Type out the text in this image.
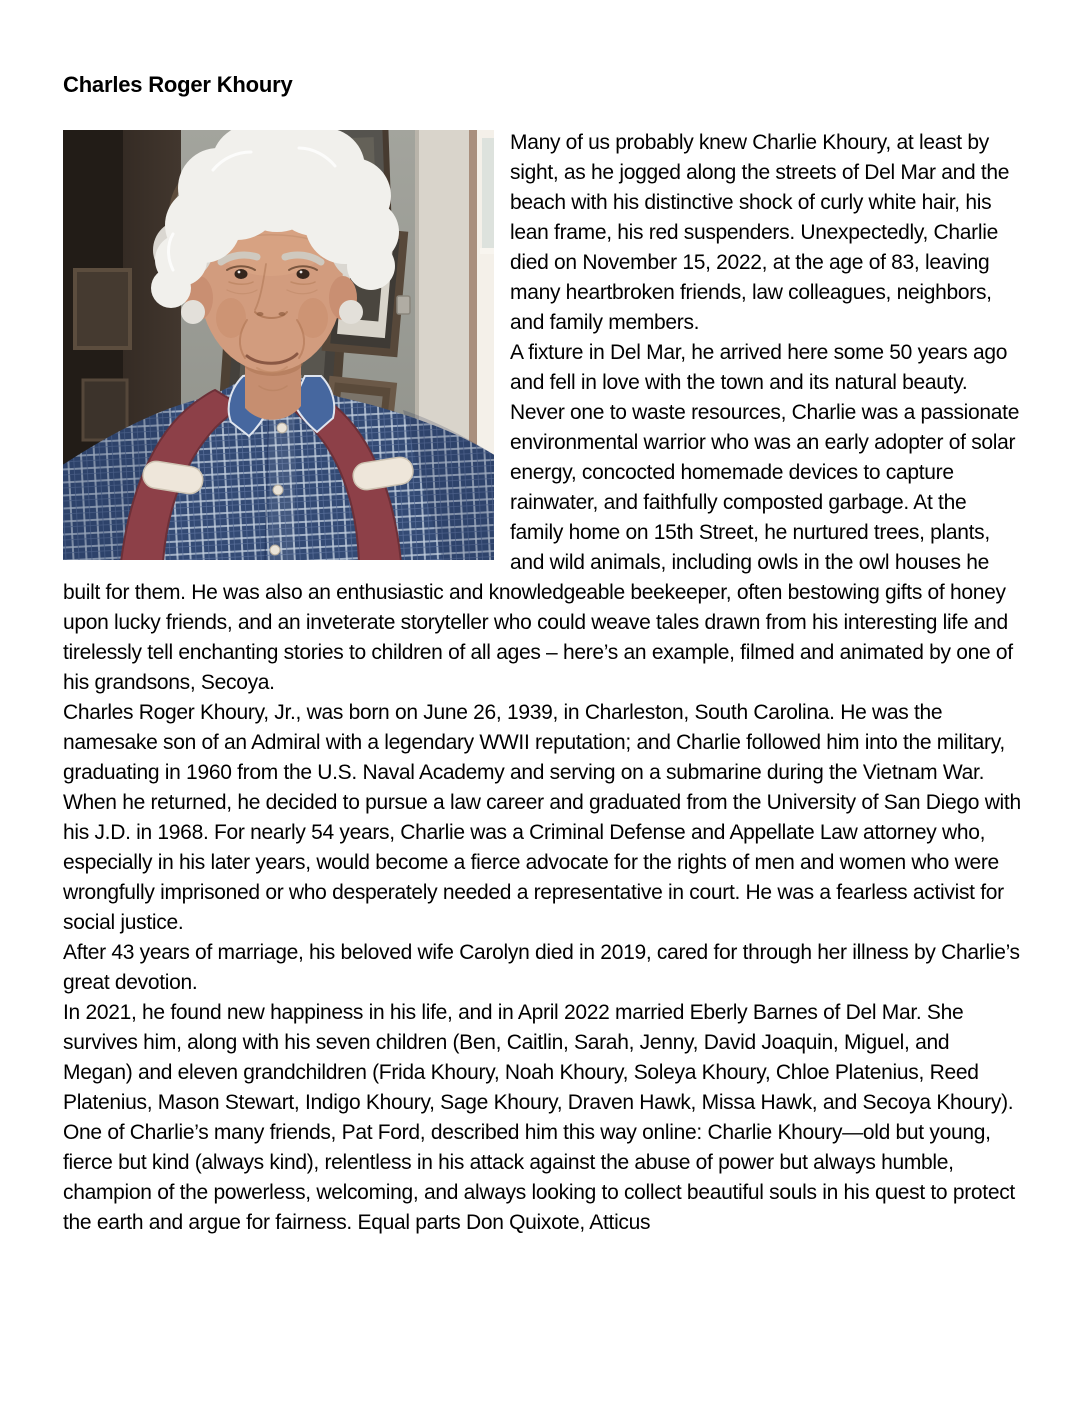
Charles Roger Khoury

Many of us probably knew Charlie Khoury, at least by sight, as he jogged along the streets of Del Mar and the beach with his distinctive shock of curly white hair, his lean frame, his red suspenders. Unexpectedly, Charlie died on November 15, 2022, at the age of 83, leaving many heartbroken friends, law colleagues, neighbors, and family members.

A fixture in Del Mar, he arrived here some 50 years ago and fell in love with the town and its natural beauty. Never one to waste resources, Charlie was a passionate environmental warrior who was an early adopter of solar energy, concocted homemade devices to capture rainwater, and faithfully composted garbage. At the family home on 15th Street, he nurtured trees, plants, and wild animals, including owls in the owl houses he built for them. He was also an enthusiastic and knowledgeable beekeeper, often bestowing gifts of honey upon lucky friends, and an inveterate storyteller who could weave tales drawn from his interesting life and tirelessly tell enchanting stories to children of all ages – here’s an example, filmed and animated by one of his grandsons, Secoya.

Charles Roger Khoury, Jr., was born on June 26, 1939, in Charleston, South Carolina. He was the namesake son of an Admiral with a legendary WWII reputation; and Charlie followed him into the military, graduating in 1960 from the U.S. Naval Academy and serving on a submarine during the Vietnam War.

When he returned, he decided to pursue a law career and graduated from the University of San Diego with his J.D. in 1968. For nearly 54 years, Charlie was a Criminal Defense and Appellate Law attorney who, especially in his later years, would become a fierce advocate for the rights of men and women who were wrongfully imprisoned or who desperately needed a representative in court. He was a fearless activist for social justice.

After 43 years of marriage, his beloved wife Carolyn died in 2019, cared for through her illness by Charlie’s great devotion.

In 2021, he found new happiness in his life, and in April 2022 married Eberly Barnes of Del Mar. She survives him, along with his seven children (Ben, Caitlin, Sarah, Jenny, David Joaquin, Miguel, and Megan) and eleven grandchildren (Frida Khoury, Noah Khoury, Soleya Khoury, Chloe Platenius, Reed Platenius, Mason Stewart, Indigo Khoury, Sage Khoury, Draven Hawk, Missa Hawk, and Secoya Khoury).

One of Charlie’s many friends, Pat Ford, described him this way online: Charlie Khoury—old but young, fierce but kind (always kind), relentless in his attack against the abuse of power but always humble, champion of the powerless, welcoming, and always looking to collect beautiful souls in his quest to protect the earth and argue for fairness. Equal parts Don Quixote, Atticus
